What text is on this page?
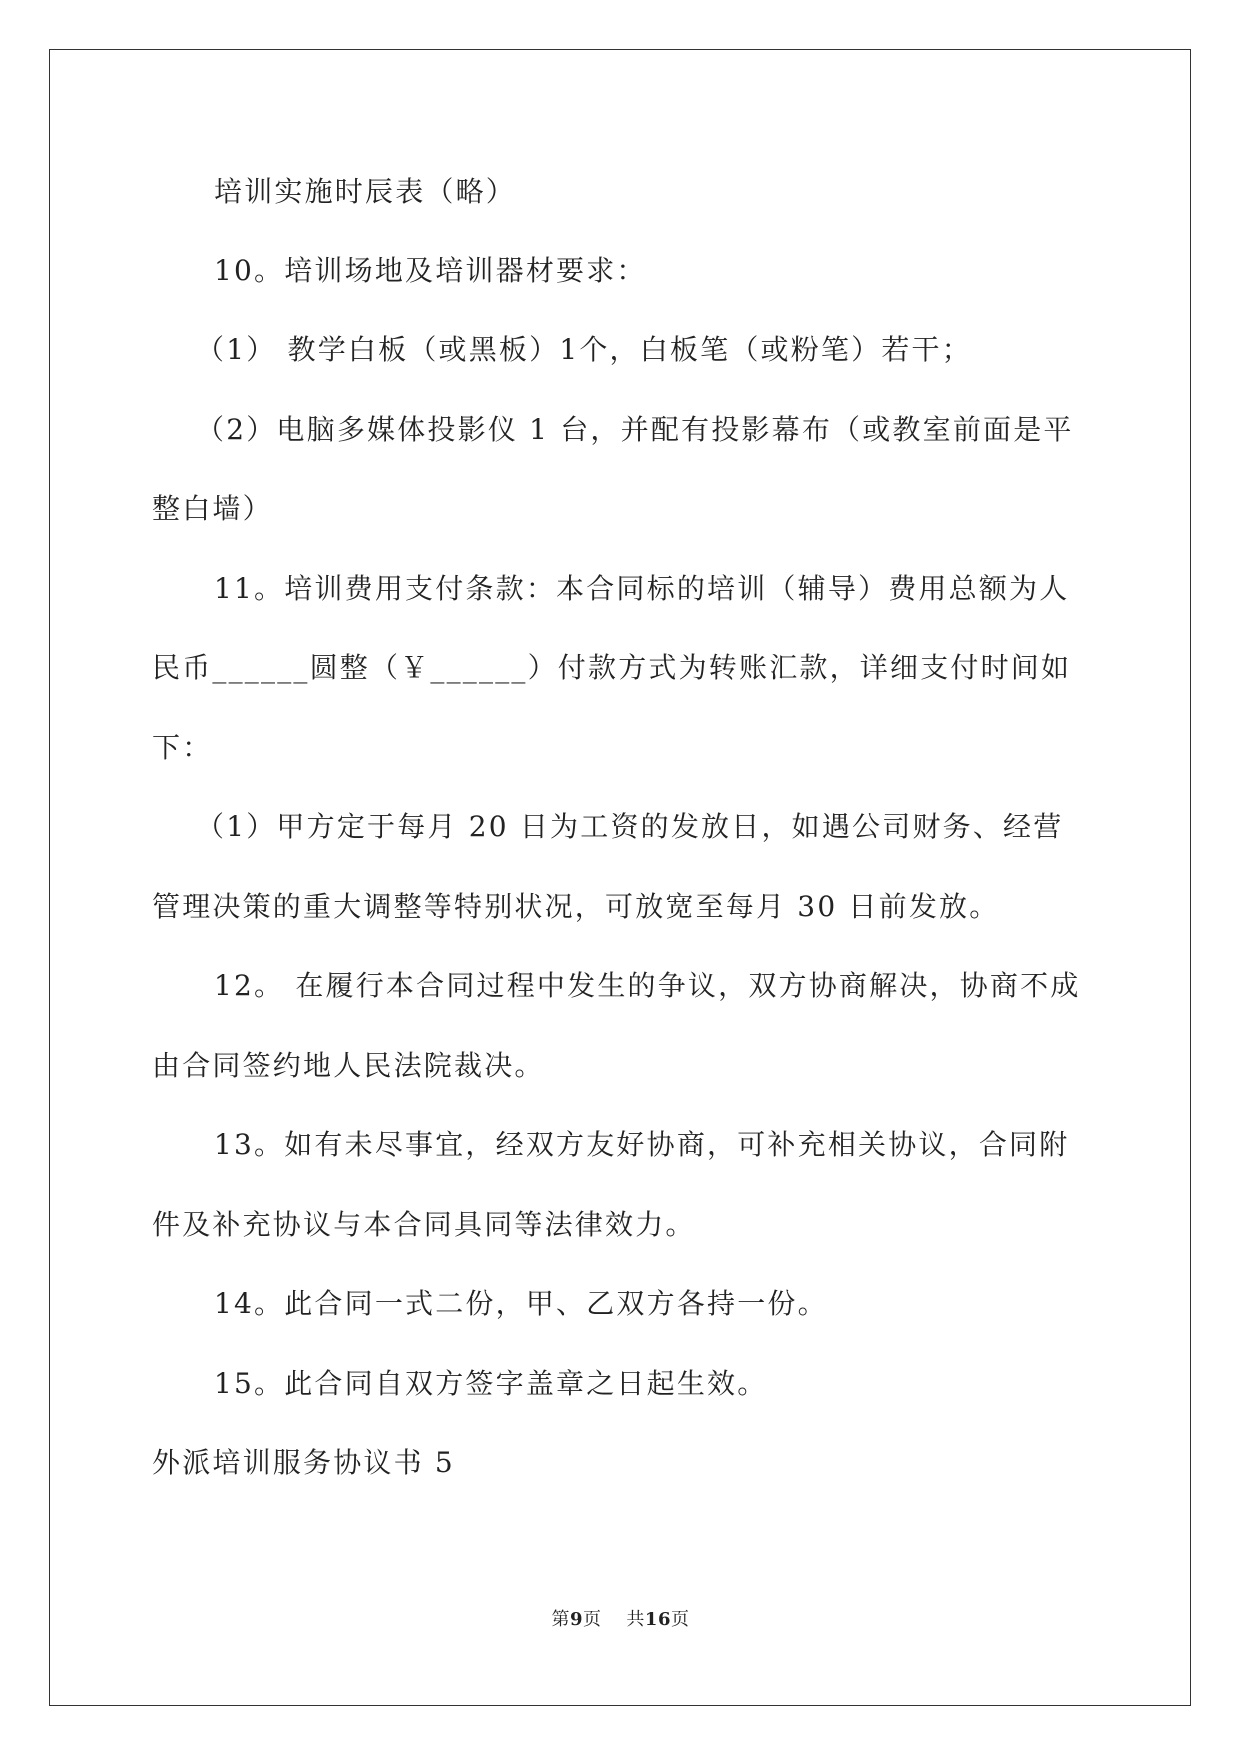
培训实施时辰表（略）
10。培训场地及培训器材要求：
（1） 教学白板（或黑板）1个，白板笔（或粉笔）若干；
（2）电脑多媒体投影仪 1 台，并配有投影幕布（或教室前面是平
整白墙）
11。培训费用支付条款：本合同标的培训（辅导）费用总额为人
民币______圆整（￥______）付款方式为转账汇款，详细支付时间如
下：
（1）甲方定于每月 20 日为工资的发放日，如遇公司财务、经营
管理决策的重大调整等特别状况，可放宽至每月 30 日前发放。
12。 在履行本合同过程中发生的争议，双方协商解决，协商不成
由合同签约地人民法院裁决。
13。如有未尽事宜，经双方友好协商，可补充相关协议，合同附
件及补充协议与本合同具同等法律效力。
14。此合同一式二份，甲、乙双方各持一份。
15。此合同自双方签字盖章之日起生效。
外派培训服务协议书 5
第9页    共16页
